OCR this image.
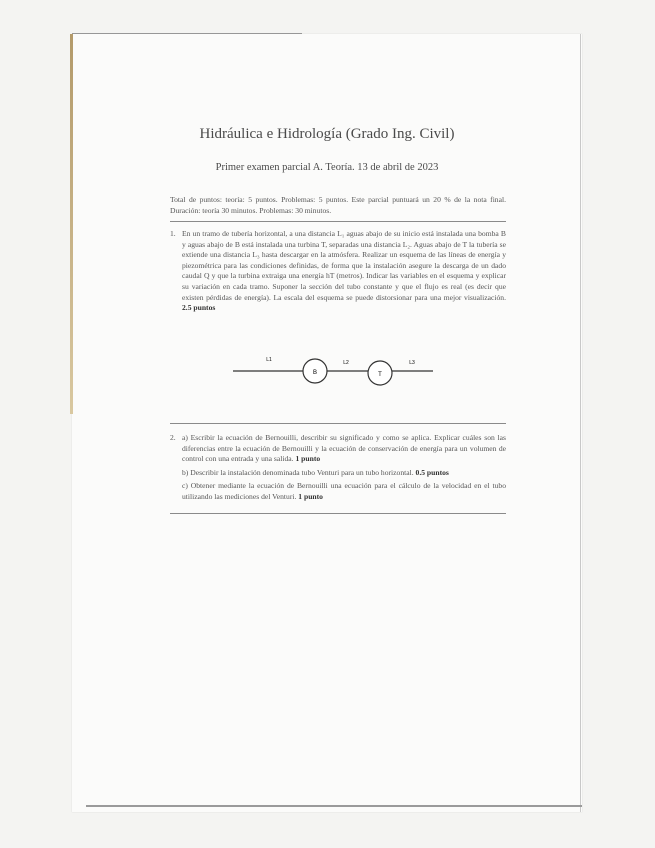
Hidráulica e Hidrología (Grado Ing. Civil)
Primer examen parcial A. Teoría. 13 de abril de 2023
Total de puntos: teoría: 5 puntos. Problemas: 5 puntos. Este parcial puntuará un 20 % de la nota final. Duración: teoría 30 minutos. Problemas: 30 minutos.
1. En un tramo de tubería horizontal, a una distancia L₁ aguas abajo de su inicio está instalada una bomba B y aguas abajo de B está instalada una turbina T, separadas una distancia L₂. Aguas abajo de T la tubería se extiende una distancia L₃ hasta descargar en la atmósfera. Realizar un esquema de las líneas de energía y piezométrica para las condiciones definidas, de forma que la instalación asegure la descarga de un dado caudal Q y que la turbina extraiga una energía hT (metros). Indicar las variables en el esquema y explicar su variación en cada tramo. Suponer la sección del tubo constante y que el flujo es real (es decir que existen pérdidas de energía). La escala del esquema se puede distorsionar para una mejor visualización. 2.5 puntos
B	T
L1	L2	L3
2. a) Escribir la ecuación de Bernouilli, describir su significado y como se aplica. Explicar cuáles son las diferencias entre la ecuación de Bernouilli y la ecuación de conservación de energía para un volumen de control con una entrada y una salida. 1 punto

b) Describir la instalación denominada tubo Venturi para un tubo horizontal. 0.5 puntos

c) Obtener mediante la ecuación de Bernouilli una ecuación para el cálculo de la velocidad en el tubo utilizando las mediciones del Venturi. 1 punto
